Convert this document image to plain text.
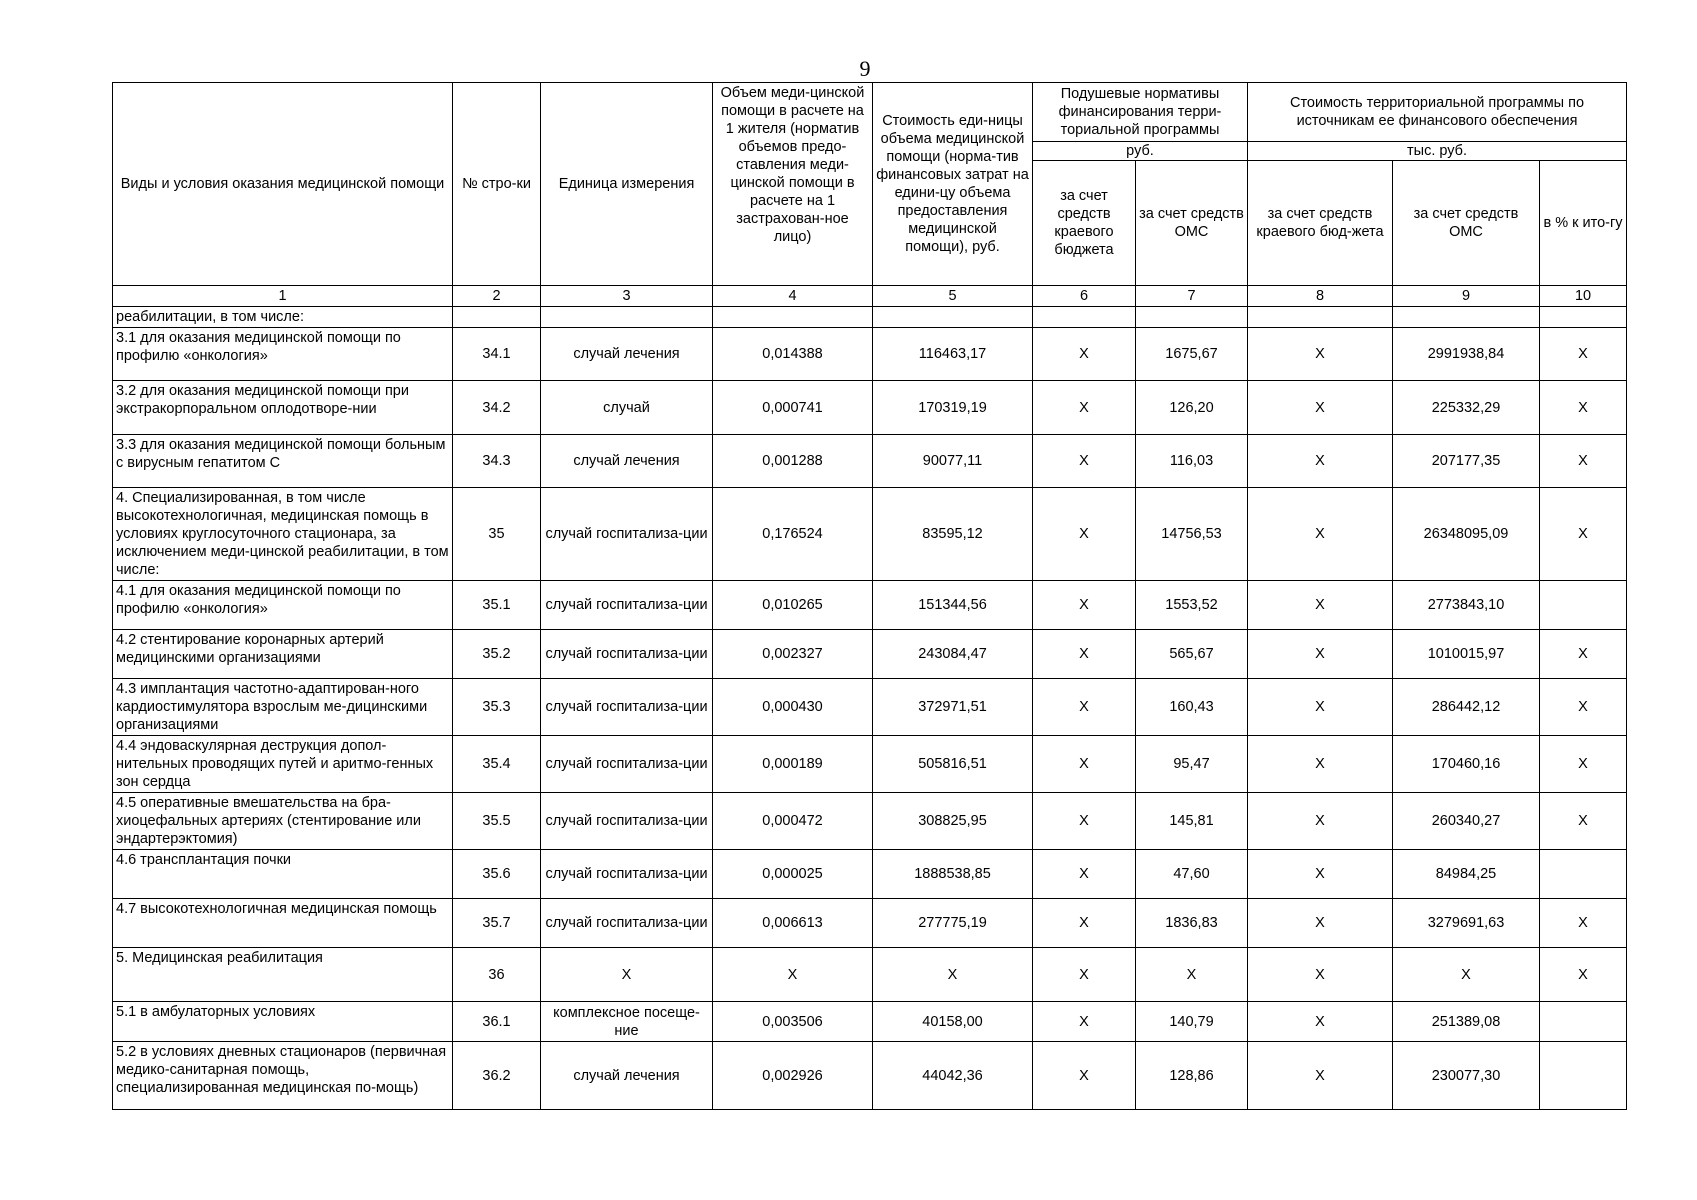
9
Виды и условия оказания медицинской помощи	№ стро-ки	Единица измерения	Объем меди-цинской помощи в расчете на 1 жителя (норматив объемов предо-ставления меди-цинской помощи в расчете на 1 застрахован-ное лицо)	Стоимость еди-ницы объема медицинской помощи (норма-тив финансовых затрат на едини-цу объема предоставления медицинской помощи), руб.	Подушевые нормативы финансирования терри-ториальной программы		Стоимость территориальной программы по источникам ее финансового обеспечения		
					руб.		тыс. руб.		
					за счет средств краевого бюджета	за счет средств ОМС	за счет средств краевого бюд-жета	за счет средств ОМС	в % к ито-гу
1	2	3	4	5	6	7	8	9	10
реабилитации, в том числе:									
3.1 для оказания медицинской помощи по профилю «онкология»	34.1	случай лечения	0,014388	116463,17	X	1675,67	X	2991938,84	X
3.2 для оказания медицинской помощи при экстракорпоральном оплодотворе-нии	34.2	случай	0,000741	170319,19	X	126,20	X	225332,29	X
3.3 для оказания медицинской помощи больным с вирусным гепатитом С	34.3	случай лечения	0,001288	90077,11	X	116,03	X	207177,35	X
4. Специализированная, в том числе высокотехнологичная, медицинская помощь в условиях круглосуточного стационара, за исключением меди-цинской реабилитации, в том числе:	35	случай госпитализа-ции	0,176524	83595,12	X	14756,53	X	26348095,09	X
4.1 для оказания медицинской помощи по профилю «онкология»	35.1	случай госпитализа-ции	0,010265	151344,56	X	1553,52	X	2773843,10	
4.2 стентирование коронарных артерий медицинскими организациями	35.2	случай госпитализа-ции	0,002327	243084,47	X	565,67	X	1010015,97	X
4.3 имплантация частотно-адаптирован-ного кардиостимулятора взрослым ме-дицинскими организациями	35.3	случай госпитализа-ции	0,000430	372971,51	X	160,43	X	286442,12	X
4.4 эндоваскулярная деструкция допол-нительных проводящих путей и аритмо-генных зон сердца	35.4	случай госпитализа-ции	0,000189	505816,51	X	95,47	X	170460,16	X
4.5 оперативные вмешательства на бра-хиоцефальных артериях (стентирование или эндартерэктомия)	35.5	случай госпитализа-ции	0,000472	308825,95	X	145,81	X	260340,27	X
4.6 трансплантация почки	35.6	случай госпитализа-ции	0,000025	1888538,85	X	47,60	X	84984,25	
4.7 высокотехнологичная медицинская помощь	35.7	случай госпитализа-ции	0,006613	277775,19	X	1836,83	X	3279691,63	X
5. Медицинская реабилитация	36	X	X	X	X	X	X	X	X
5.1 в амбулаторных условиях	36.1	комплексное посеще-ние	0,003506	40158,00	X	140,79	X	251389,08	
5.2 в условиях дневных стационаров (первичная медико-санитарная помощь, специализированная медицинская по-мощь)	36.2	случай лечения	0,002926	44042,36	X	128,86	X	230077,30	
